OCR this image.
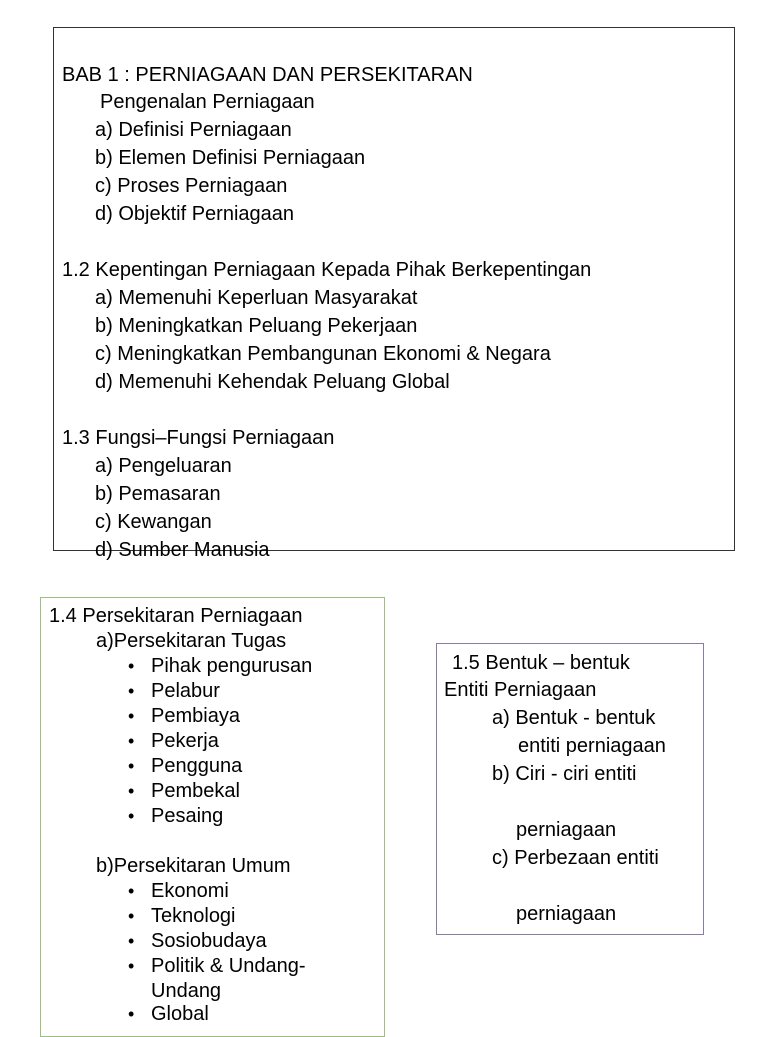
BAB 1 : PERNIAGAAN DAN PERSEKITARAN
Pengenalan Perniagaan
a) Definisi Perniagaan
b) Elemen Definisi Perniagaan
c) Proses Perniagaan
d) Objektif Perniagaan
1.2 Kepentingan Perniagaan Kepada Pihak Berkepentingan
a) Memenuhi Keperluan Masyarakat
b) Meningkatkan Peluang Pekerjaan
c) Meningkatkan Pembangunan Ekonomi & Negara
d) Memenuhi Kehendak Peluang Global
1.3 Fungsi–Fungsi Perniagaan
a) Pengeluaran
b) Pemasaran
c) Kewangan
d) Sumber Manusia
1.4 Persekitaran Perniagaan
a)Persekitaran Tugas
• Pihak pengurusan
• Pelabur
• Pembiaya
• Pekerja
• Pengguna
• Pembekal
• Pesaing
b)Persekitaran Umum
• Ekonomi
• Teknologi
• Sosiobudaya
• Politik & Undang-
Undang
• Global
1.5 Bentuk – bentuk
Entiti Perniagaan
a) Bentuk - bentuk
entiti perniagaan
b) Ciri - ciri entiti
perniagaan
c) Perbezaan entiti
perniagaan
